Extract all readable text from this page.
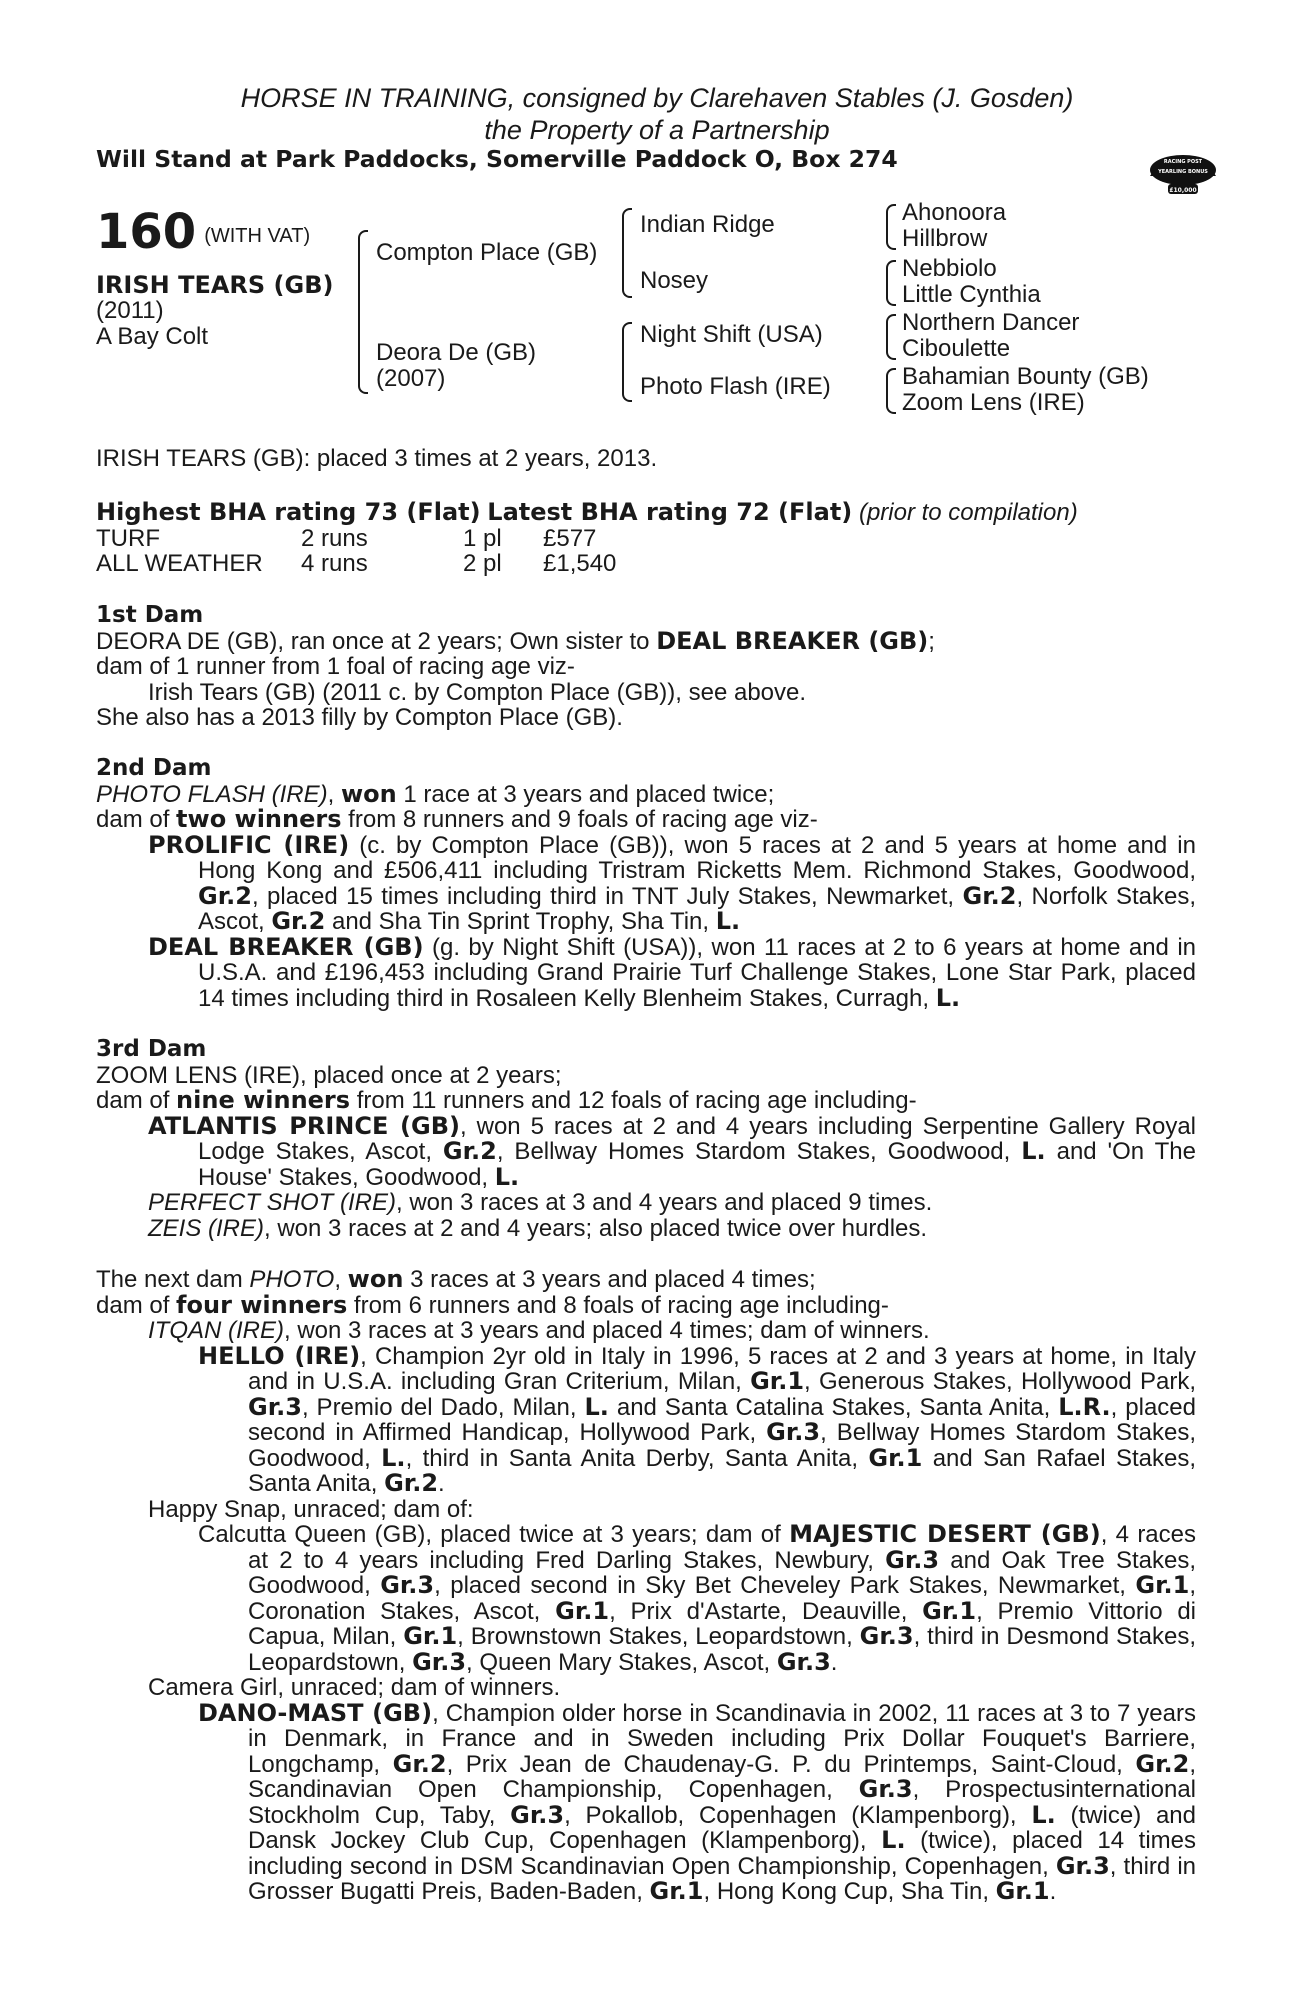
HORSE IN TRAINING, consigned by Clarehaven Stables (J. Gosden)
the Property of a Partnership
Will Stand at Park Paddocks, Somerville Paddock O, Box 274	RACING POST
YEARLING BONUS
£10,000
160 $^{(WITH VAT)}$
IRISH TEARS (GB)
(2011)
A Bay Colt
Compton Place (GB)
Deora De (GB)
(2007)
Indian Ridge
Nosey
Night Shift (USA)
Photo Flash (IRE)
Ahonoora
Hillbrow
Nebbiolo
Little Cynthia
Northern Dancer
Ciboulette
Bahamian Bounty (GB)
Zoom Lens (IRE)

IRISH TEARS (GB): placed 3 times at 2 years, 2013.

Highest BHA rating 73 (Flat) Latest BHA rating 72 (Flat) (prior to compilation)

TURF	2 runs	1 pl	£577
ALL WEATHER	4 runs	2 pl	£1,540

1st Dam

DEORA DE (GB), ran once at 2 years; Own sister to DEAL BREAKER (GB);

dam of 1 runner from 1 foal of racing age viz-

Irish Tears (GB) (2011 c. by Compton Place (GB)), see above.

She also has a 2013 filly by Compton Place (GB).

2nd Dam

PHOTO FLASH (IRE), won 1 race at 3 years and placed twice;

dam of two winners from 8 runners and 9 foals of racing age viz-

PROLIFIC (IRE) (c. by Compton Place (GB)), won 5 races at 2 and 5 years at home and in Hong Kong and £506,411 including Tristram Ricketts Mem. Richmond Stakes, Goodwood, Gr.2, placed 15 times including third in TNT July Stakes, Newmarket, Gr.2, Norfolk Stakes, Ascot, Gr.2 and Sha Tin Sprint Trophy, Sha Tin, L.

DEAL BREAKER (GB) (g. by Night Shift (USA)), won 11 races at 2 to 6 years at home and in U.S.A. and £196,453 including Grand Prairie Turf Challenge Stakes, Lone Star Park, placed 14 times including third in Rosaleen Kelly Blenheim Stakes, Curragh, L.

3rd Dam

ZOOM LENS (IRE), placed once at 2 years;

dam of nine winners from 11 runners and 12 foals of racing age including-

ATLANTIS PRINCE (GB), won 5 races at 2 and 4 years including Serpentine Gallery Royal Lodge Stakes, Ascot, Gr.2, Bellway Homes Stardom Stakes, Goodwood, L. and 'On The House' Stakes, Goodwood, L.

PERFECT SHOT (IRE), won 3 races at 3 and 4 years and placed 9 times.

ZEIS (IRE), won 3 races at 2 and 4 years; also placed twice over hurdles.

The next dam PHOTO, won 3 races at 3 years and placed 4 times;

dam of four winners from 6 runners and 8 foals of racing age including-

ITQAN (IRE), won 3 races at 3 years and placed 4 times; dam of winners.

HELLO (IRE), Champion 2yr old in Italy in 1996, 5 races at 2 and 3 years at home, in Italy and in U.S.A. including Gran Criterium, Milan, Gr.1, Generous Stakes, Hollywood Park, Gr.3, Premio del Dado, Milan, L. and Santa Catalina Stakes, Santa Anita, L.R., placed second in Affirmed Handicap, Hollywood Park, Gr.3, Bellway Homes Stardom Stakes, Goodwood, L., third in Santa Anita Derby, Santa Anita, Gr.1 and San Rafael Stakes, Santa Anita, Gr.2.

Happy Snap, unraced; dam of:

Calcutta Queen (GB), placed twice at 3 years; dam of MAJESTIC DESERT (GB), 4 races at 2 to 4 years including Fred Darling Stakes, Newbury, Gr.3 and Oak Tree Stakes, Goodwood, Gr.3, placed second in Sky Bet Cheveley Park Stakes, Newmarket, Gr.1, Coronation Stakes, Ascot, Gr.1, Prix d'Astarte, Deauville, Gr.1, Premio Vittorio di Capua, Milan, Gr.1, Brownstown Stakes, Leopardstown, Gr.3, third in Desmond Stakes, Leopardstown, Gr.3, Queen Mary Stakes, Ascot, Gr.3.

Camera Girl, unraced; dam of winners.

DANO-MAST (GB), Champion older horse in Scandinavia in 2002, 11 races at 3 to 7 years in Denmark, in France and in Sweden including Prix Dollar Fouquet's Barriere, Longchamp, Gr.2, Prix Jean de Chaudenay-G. P. du Printemps, Saint-Cloud, Gr.2, Scandinavian Open Championship, Copenhagen, Gr.3, Prospectusinternational Stockholm Cup, Taby, Gr.3, Pokallob, Copenhagen (Klampenborg), L. (twice) and Dansk Jockey Club Cup, Copenhagen (Klampenborg), L. (twice), placed 14 times including second in DSM Scandinavian Open Championship, Copenhagen, Gr.3, third in Grosser Bugatti Preis, Baden-Baden, Gr.1, Hong Kong Cup, Sha Tin, Gr.1.
